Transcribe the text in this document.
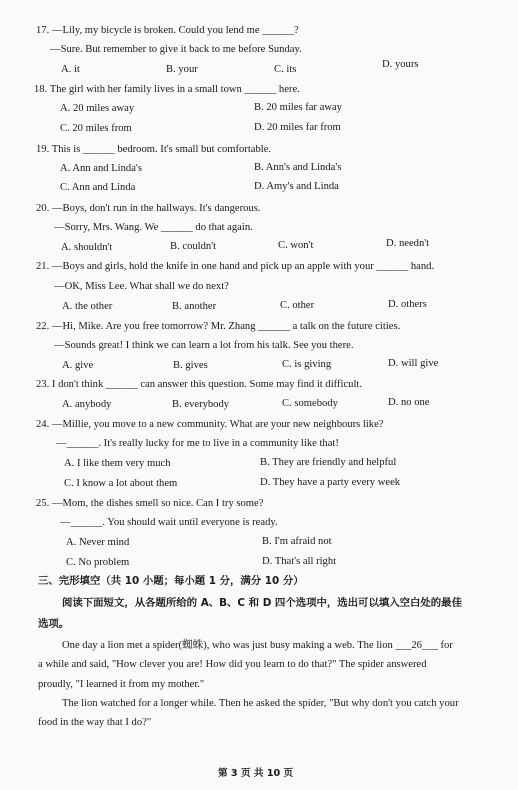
17. —Lily, my bicycle is broken. Could you lend me ______?
—Sure. But remember to give it back to me before Sunday.
A. it	B. your	C. its	D. yours
18. The girl with her family lives in a small town ______ here.
A. 20 miles away	B. 20 miles far away
C. 20 miles from	D. 20 miles far from
19. This is ______ bedroom. It's small but comfortable.
A. Ann and Linda's	B. Ann's and Linda's
C. Ann and Linda	D. Amy's and Linda
20. —Boys, don't run in the hallways. It's dangerous.
—Sorry, Mrs. Wang. We ______ do that again.
A. shouldn't	B. couldn't	C. won't	D. needn't
21. —Boys and girls, hold the knife in one hand and pick up an apple with your ______ hand.
—OK, Miss Lee. What shall we do next?
A. the other	B. another	C. other	D. others
22. —Hi, Mike. Are you free tomorrow? Mr. Zhang ______ a talk on the future cities.
—Sounds great! I think we can learn a lot from his talk. See you there.
A. give	B. gives	C. is giving	D. will give
23. I don't think ______ can answer this question. Some may find it difficult.
A. anybody	B. everybody	C. somebody	D. no one
24. —Millie, you move to a new community. What are your new neighbours like?
—______. It's really lucky for me to live in a community like that!
A. I like them very much	B. They are friendly and helpful
C. I know a lot about them	D. They have a party every week
25. —Mom, the dishes smell so nice. Can I try some?
—______. You should wait until everyone is ready.
A. Never mind	B. I'm afraid not
C. No problem	D. That's all right
三、完形填空（共 10 小题；每小题 1 分，满分 10 分）
阅读下面短文，从各题所给的 A、B、C 和 D 四个选项中，选出可以填入空白处的最佳
选项。
One day a lion met a spider(蜘蛛), who was just busy making a web. The lion ___26___ for
a while and said, "How clever you are! How did you learn to do that?" The spider answered
proudly, "I learned it from my mother."
The lion watched for a longer while. Then he asked the spider, "But why don't you catch your
food in the way that I do?"
第 3 页 共 10 页
